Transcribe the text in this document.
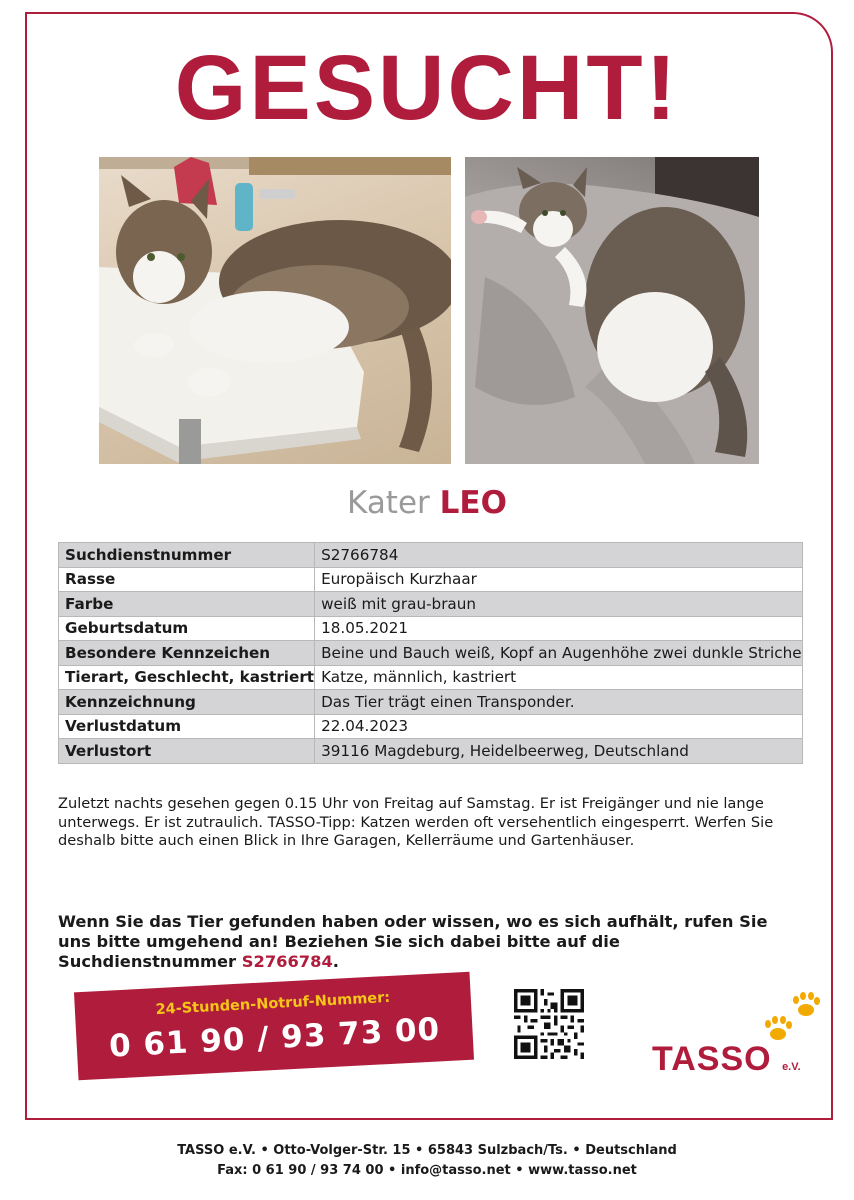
GESUCHT!
Kater LEO
Suchdienstnummer	S2766784
Rasse	Europäisch Kurzhaar
Farbe	weiß mit grau-braun
Geburtsdatum	18.05.2021
Besondere Kennzeichen	Beine und Bauch weiß, Kopf an Augenhöhe zwei dunkle Striche
Tierart, Geschlecht, kastriert	Katze, männlich, kastriert
Kennzeichnung	Das Tier trägt einen Transponder.
Verlustdatum	22.04.2023
Verlustort	39116 Magdeburg, Heidelbeerweg, Deutschland
Zuletzt nachts gesehen gegen 0.15 Uhr von Freitag auf Samstag. Er ist Freigänger und nie lange unterwegs. Er ist zutraulich. TASSO-Tipp: Katzen werden oft versehentlich eingesperrt. Werfen Sie deshalb bitte auch einen Blick in Ihre Garagen, Kellerräume und Gartenhäuser.
Wenn Sie das Tier gefunden haben oder wissen, wo es sich aufhält, rufen Sie uns bitte umgehend an! Beziehen Sie sich dabei bitte auf die Suchdienstnummer S2766784.
24-Stunden-Notruf-Nummer:
0 61 90 / 93 73 00	TASSO e.V.
TASSO e.V. • Otto-Volger-Str. 15 • 65843 Sulzbach/Ts. • Deutschland
Fax: 0 61 90 / 93 74 00 • info@tasso.net • www.tasso.net
